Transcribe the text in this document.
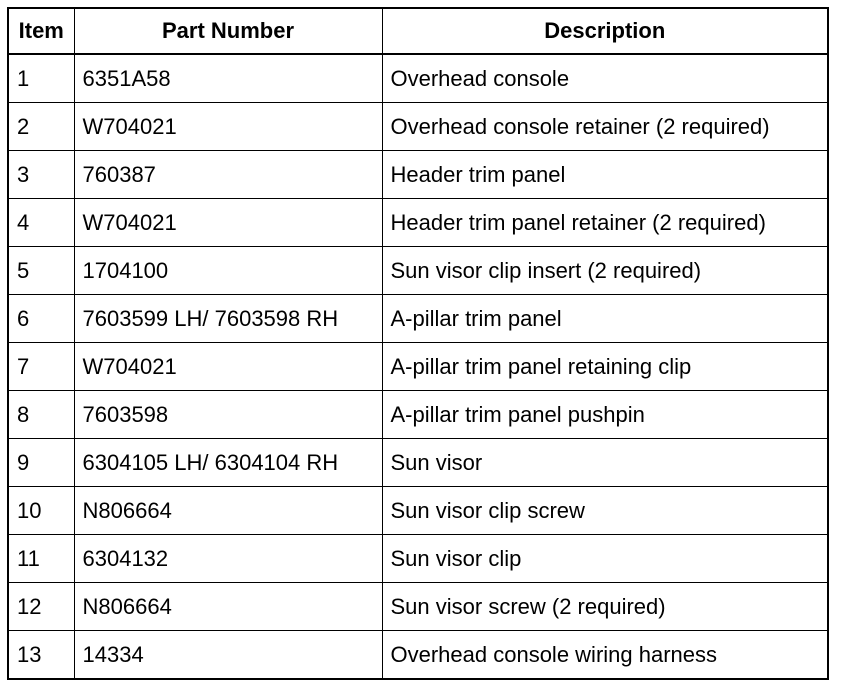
Item	Part Number	Description
1	6351A58	Overhead console
2	W704021	Overhead console retainer (2 required)
3	760387	Header trim panel
4	W704021	Header trim panel retainer (2 required)
5	1704100	Sun visor clip insert (2 required)
6	7603599 LH/ 7603598 RH	A-pillar trim panel
7	W704021	A-pillar trim panel retaining clip
8	7603598	A-pillar trim panel pushpin
9	6304105 LH/ 6304104 RH	Sun visor
10	N806664	Sun visor clip screw
11	6304132	Sun visor clip
12	N806664	Sun visor screw (2 required)
13	14334	Overhead console wiring harness
